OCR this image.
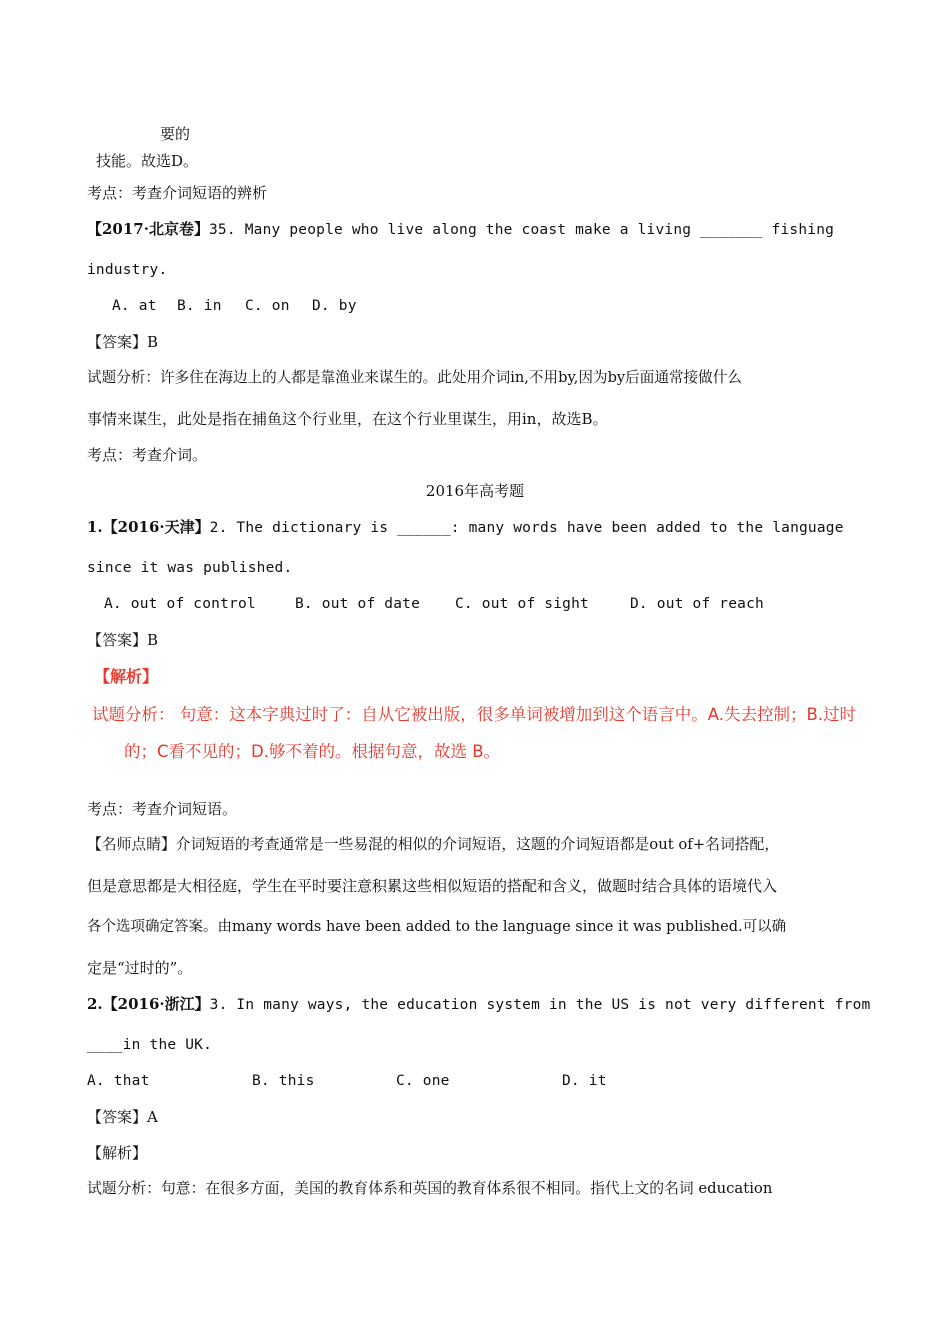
要的
技能。故选D。
考点：考查介词短语的辨析
【2017·北京卷】35. Many people who live along the coast make a living _______ fishing
industry.
A. at B. in C. on D. by
【答案】B
试题分析：许多住在海边上的人都是靠渔业来谋生的。此处用介词in,不用by,因为by后面通常接做什么
事情来谋生，此处是指在捕鱼这个行业里，在这个行业里谋生，用in，故选B。
考点：考查介词。
2016年高考题
1.【2016·天津】2. The dictionary is ______: many words have been added to the language
since it was published.
A. out of control	B. out of date C. out of sight	D. out of reach
【答案】B
【解析】
试题分析： 句意：这本字典过时了：自从它被出版，很多单词被增加到这个语言中。A.失去控制；B.过时
的；C看不见的；D.够不着的。根据句意，故选 B。
考点：考查介词短语。
【名师点睛】介词短语的考查通常是一些易混的相似的介词短语，这题的介词短语都是out of+名词搭配，
但是意思都是大相径庭，学生在平时要注意积累这些相似短语的搭配和含义，做题时结合具体的语境代入
各个选项确定答案。由many words have been added to the language since it was published.可以确
定是“过时的”。
2.【2016·浙江】3. In many ways, the education system in the US is not very different from
____in the UK.
A. that	B. this	C. one	D. it
【答案】A
【解析】
试题分析：句意：在很多方面，美国的教育体系和英国的教育体系很不相同。指代上文的名词 education
